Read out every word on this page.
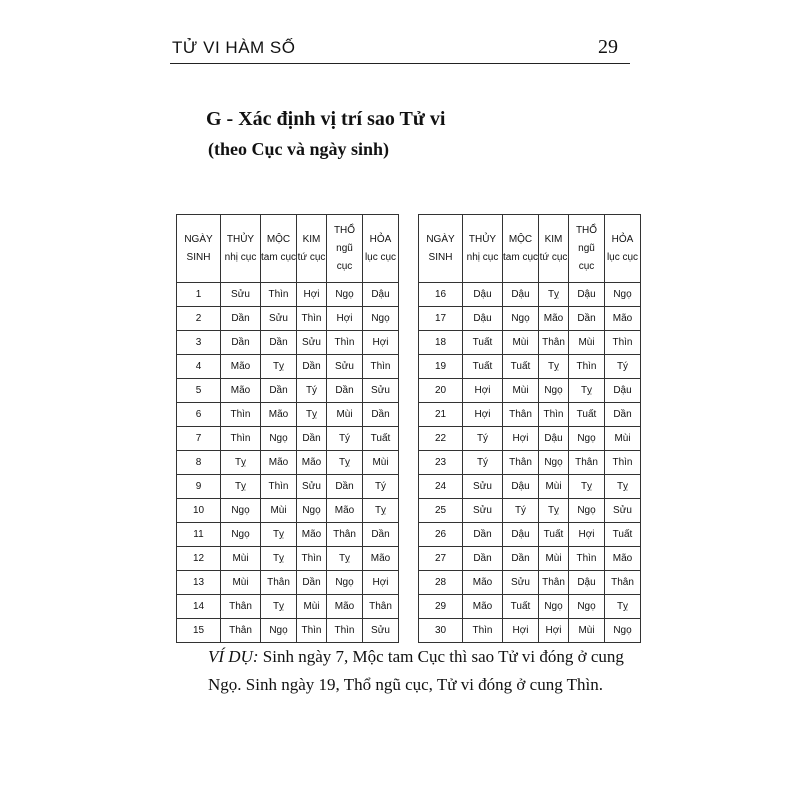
TỬ VI HÀM SỐ	29
G - Xác định vị trí sao Tử vi
(theo Cục và ngày sinh)
NGÀY SINH	THỦY nhị cục	MỘC tam cục	KIM tứ cục	THỔ ngũ cục	HỎA lục cục		NGÀY SINH	THỦY nhị cục	MỘC tam cục	KIM tứ cục	THỔ ngũ cục	HỎA lục cục
1	Sửu	Thìn	Hợi	Ngọ	Dậu		16	Dậu	Dậu	Tỵ	Dậu	Ngọ
2	Dần	Sửu	Thìn	Hợi	Ngọ		17	Dậu	Ngọ	Mão	Dần	Mão
3	Dần	Dần	Sửu	Thìn	Hợi		18	Tuất	Mùi	Thân	Mùi	Thìn
4	Mão	Tỵ	Dần	Sửu	Thìn		19	Tuất	Tuất	Tỵ	Thìn	Tý
5	Mão	Dần	Tý	Dần	Sửu		20	Hợi	Mùi	Ngọ	Tỵ	Dậu
6	Thìn	Mão	Tỵ	Mùi	Dần		21	Hợi	Thân	Thìn	Tuất	Dần
7	Thìn	Ngọ	Dần	Tý	Tuất		22	Tý	Hợi	Dậu	Ngọ	Mùi
8	Tỵ	Mão	Mão	Tỵ	Mùi		23	Tý	Thân	Ngọ	Thân	Thìn
9	Tỵ	Thìn	Sửu	Dần	Tý		24	Sửu	Dậu	Mùi	Tỵ	Tỵ
10	Ngọ	Mùi	Ngọ	Mão	Tỵ		25	Sửu	Tý	Tỵ	Ngọ	Sửu
11	Ngọ	Tỵ	Mão	Thân	Dần		26	Dần	Dậu	Tuất	Hợi	Tuất
12	Mùi	Tỵ	Thìn	Tỵ	Mão		27	Dần	Dần	Mùi	Thìn	Mão
13	Mùi	Thân	Dần	Ngọ	Hợi		28	Mão	Sửu	Thân	Dậu	Thân
14	Thân	Tỵ	Mùi	Mão	Thân		29	Mão	Tuất	Ngọ	Ngọ	Tỵ
15	Thân	Ngọ	Thìn	Thìn	Sửu		30	Thìn	Hợi	Hợi	Mùi	Ngọ
VÍ DỤ: Sinh ngày 7, Mộc tam Cục thì sao Tử vi đóng ở cung Ngọ. Sinh ngày 19, Thổ ngũ cục, Tử vi đóng ở cung Thìn.
